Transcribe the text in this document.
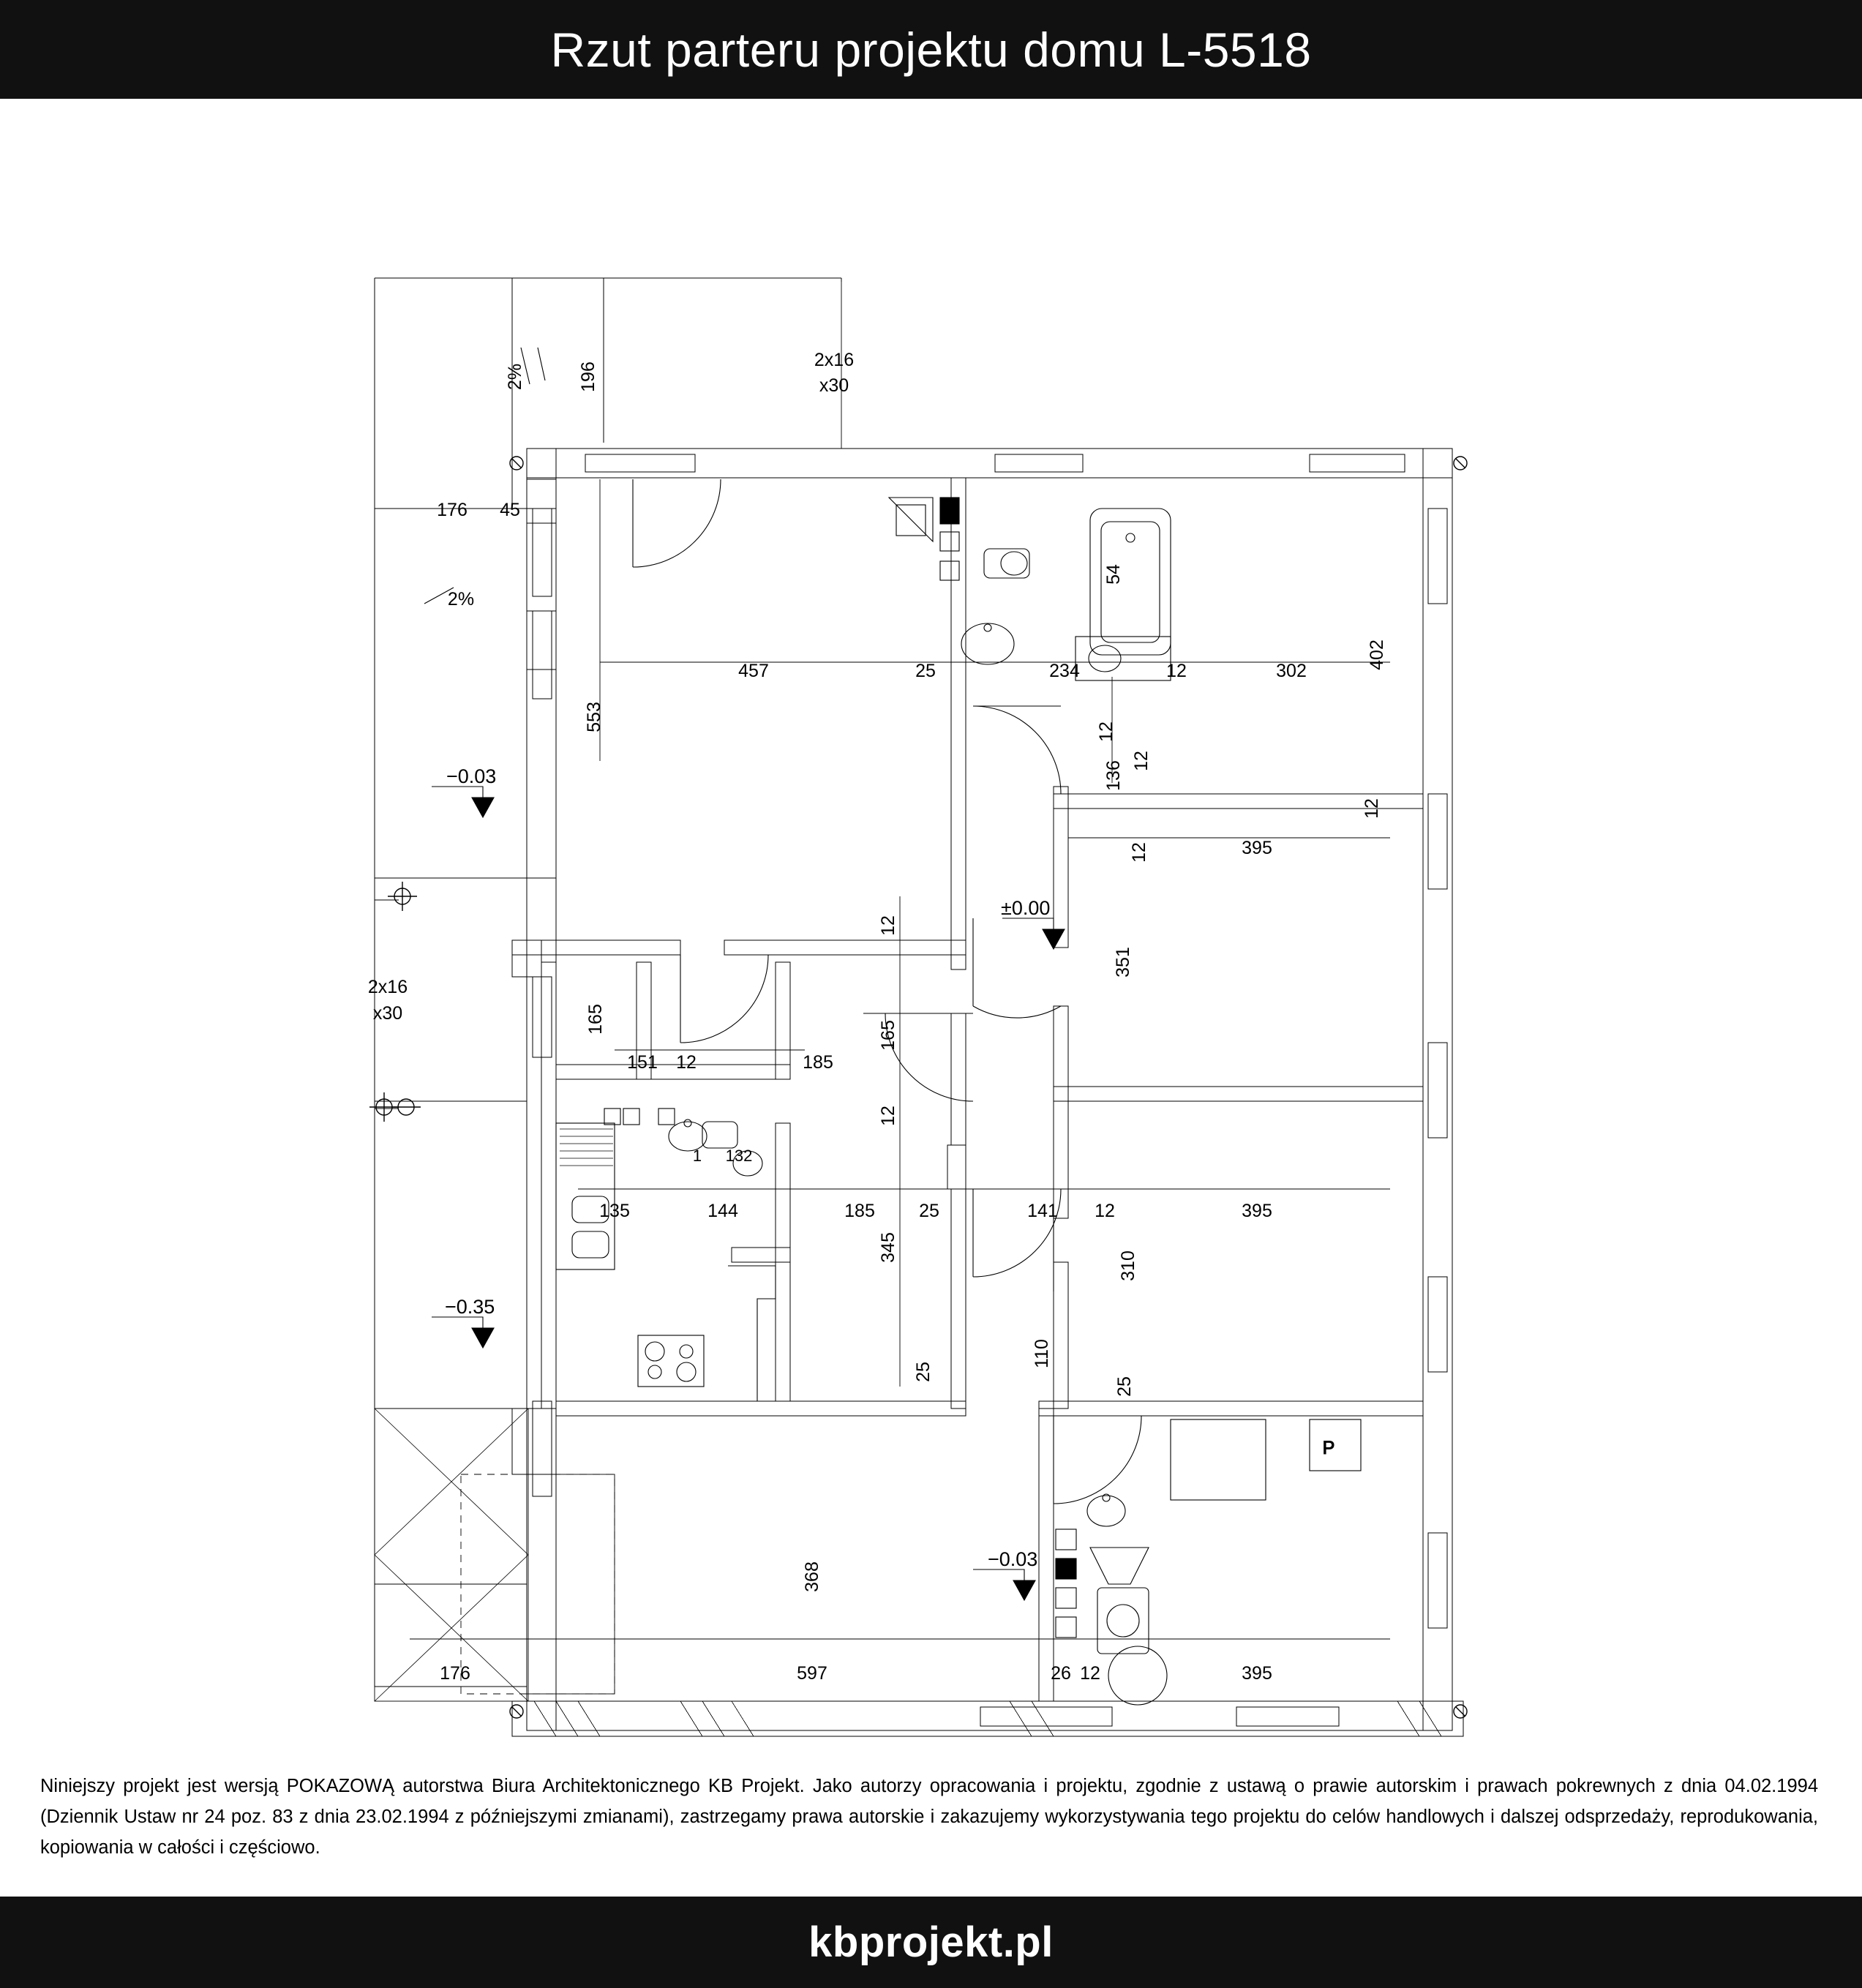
Rzut parteru projektu domu L-5518
P
2%	196
2x16
x30
176 45
2%
553
457	25	234	12	302
402
54
12
136 12
−0.03
±0.00
−0.35
−0.03
12
12	395
351
12
165
165
151 12	185
12
132
1
135	144	185 25	141 12	395
345
310
110
25
25
368
176	597	26 12	395
2x16
x30
Niniejszy projekt jest wersją POKAZOWĄ autorstwa Biura Architektonicznego KB Projekt. Jako autorzy opracowania i projektu, zgodnie z ustawą o prawie autorskim i prawach pokrewnych z dnia 04.02.1994 (Dziennik Ustaw nr 24 poz. 83 z dnia 23.02.1994 z późniejszymi zmianami), zastrzegamy prawa autorskie i zakazujemy wykorzystywania tego projektu do celów handlowych i dalszej odsprzedaży, reprodukowania, kopiowania w całości i częściowo.
kbprojekt.pl
